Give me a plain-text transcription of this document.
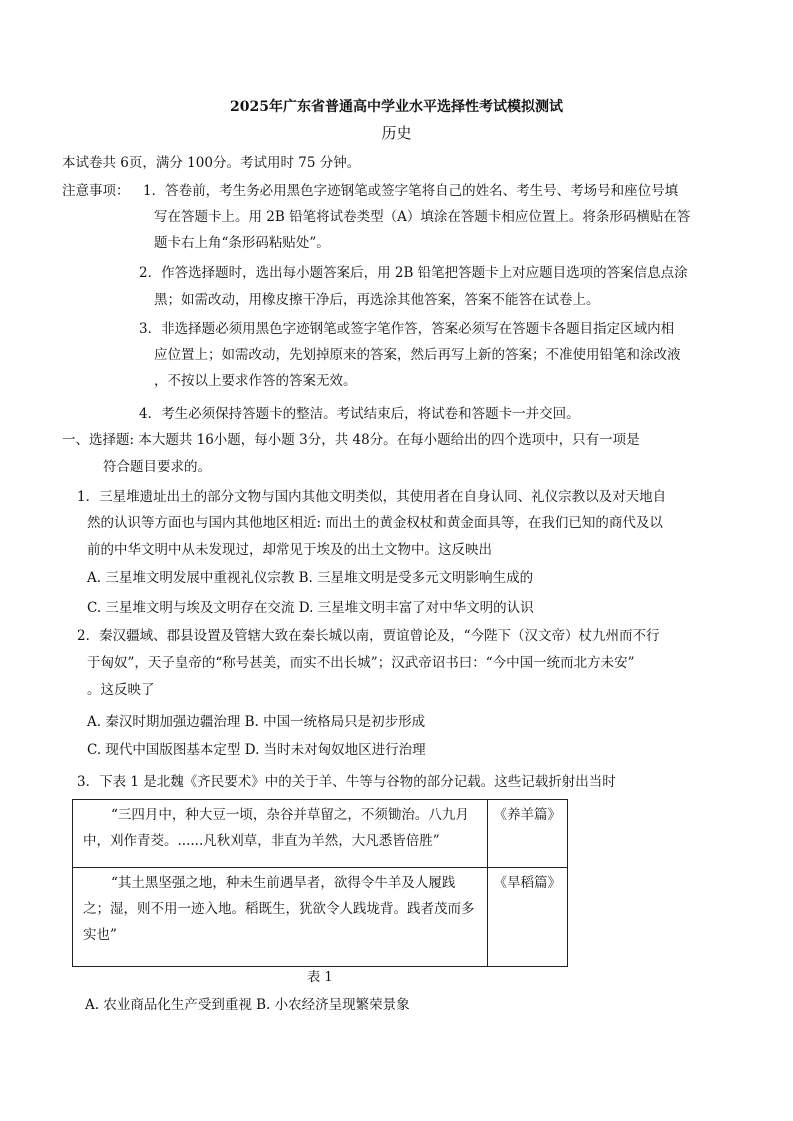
2025年广东省普通高中学业水平选择性考试模拟测试
历史
本试卷共 6页，满分 100分。考试用时 75 分钟。
注意事项： 1．答卷前，考生务必用黑色字迹钢笔或签字笔将自己的姓名、考生号、考场号和座位号填
写在答题卡上。用 2B 铅笔将试卷类型（A）填涂在答题卡相应位置上。将条形码横贴在答
题卡右上角“条形码粘贴处”。
2．作答选择题时，选出每小题答案后，用 2B 铅笔把答题卡上对应题目选项的答案信息点涂
黑；如需改动，用橡皮擦干净后，再选涂其他答案，答案不能答在试卷上。
3．非选择题必须用黑色字迹钢笔或签字笔作答，答案必须写在答题卡各题目指定区域内相
应位置上；如需改动，先划掉原来的答案，然后再写上新的答案；不准使用铅笔和涂改液
，不按以上要求作答的答案无效。
4．考生必须保持答题卡的整洁。考试结束后，将试卷和答题卡一并交回。
一、选择题: 本大题共 16小题，每小题 3分，共 48分。在每小题给出的四个选项中，只有一项是
符合题目要求的。
1．三星堆遗址出土的部分文物与国内其他文明类似，其使用者在自身认同、礼仪宗教以及对天地自
然的认识等方面也与国内其他地区相近: 而出土的黄金权杖和黄金面具等，在我们已知的商代及以
前的中华文明中从未发现过，却常见于埃及的出土文物中。这反映出
A. 三星堆文明发展中重视礼仪宗教 B. 三星堆文明是受多元文明影响生成的
C. 三星堆文明与埃及文明存在交流 D. 三星堆文明丰富了对中华文明的认识
2．秦汉疆域、郡县设置及管辖大致在秦长城以南，贾谊曾论及，“今陛下（汉文帝）杖九州而不行
于匈奴”，天子皇帝的“称号甚美，而实不出长城”；汉武帝诏书曰：“今中国一统而北方未安”
。这反映了
A. 秦汉时期加强边疆治理 B. 中国一统格局只是初步形成
C. 现代中国版图基本定型 D. 当时未对匈奴地区进行治理
3．下表 1 是北魏《齐民要术》中的关于羊、牛等与谷物的部分记载。这些记载折射出当时
“三四月中，种大豆一顷，杂谷并草留之，不须锄治。八九月中，刈作青茭。......凡秋刈草，非直为羊然，大凡悉皆倍胜”	《养羊篇》
“其土黑坚强之地，种未生前遇旱者，欲得令牛羊及人履践之；湿，则不用一迹入地。稻既生，犹欲令人践垅背。践者茂而多实也”	《旱稻篇》
表 1
A. 农业商品化生产受到重视 B. 小农经济呈现繁荣景象
